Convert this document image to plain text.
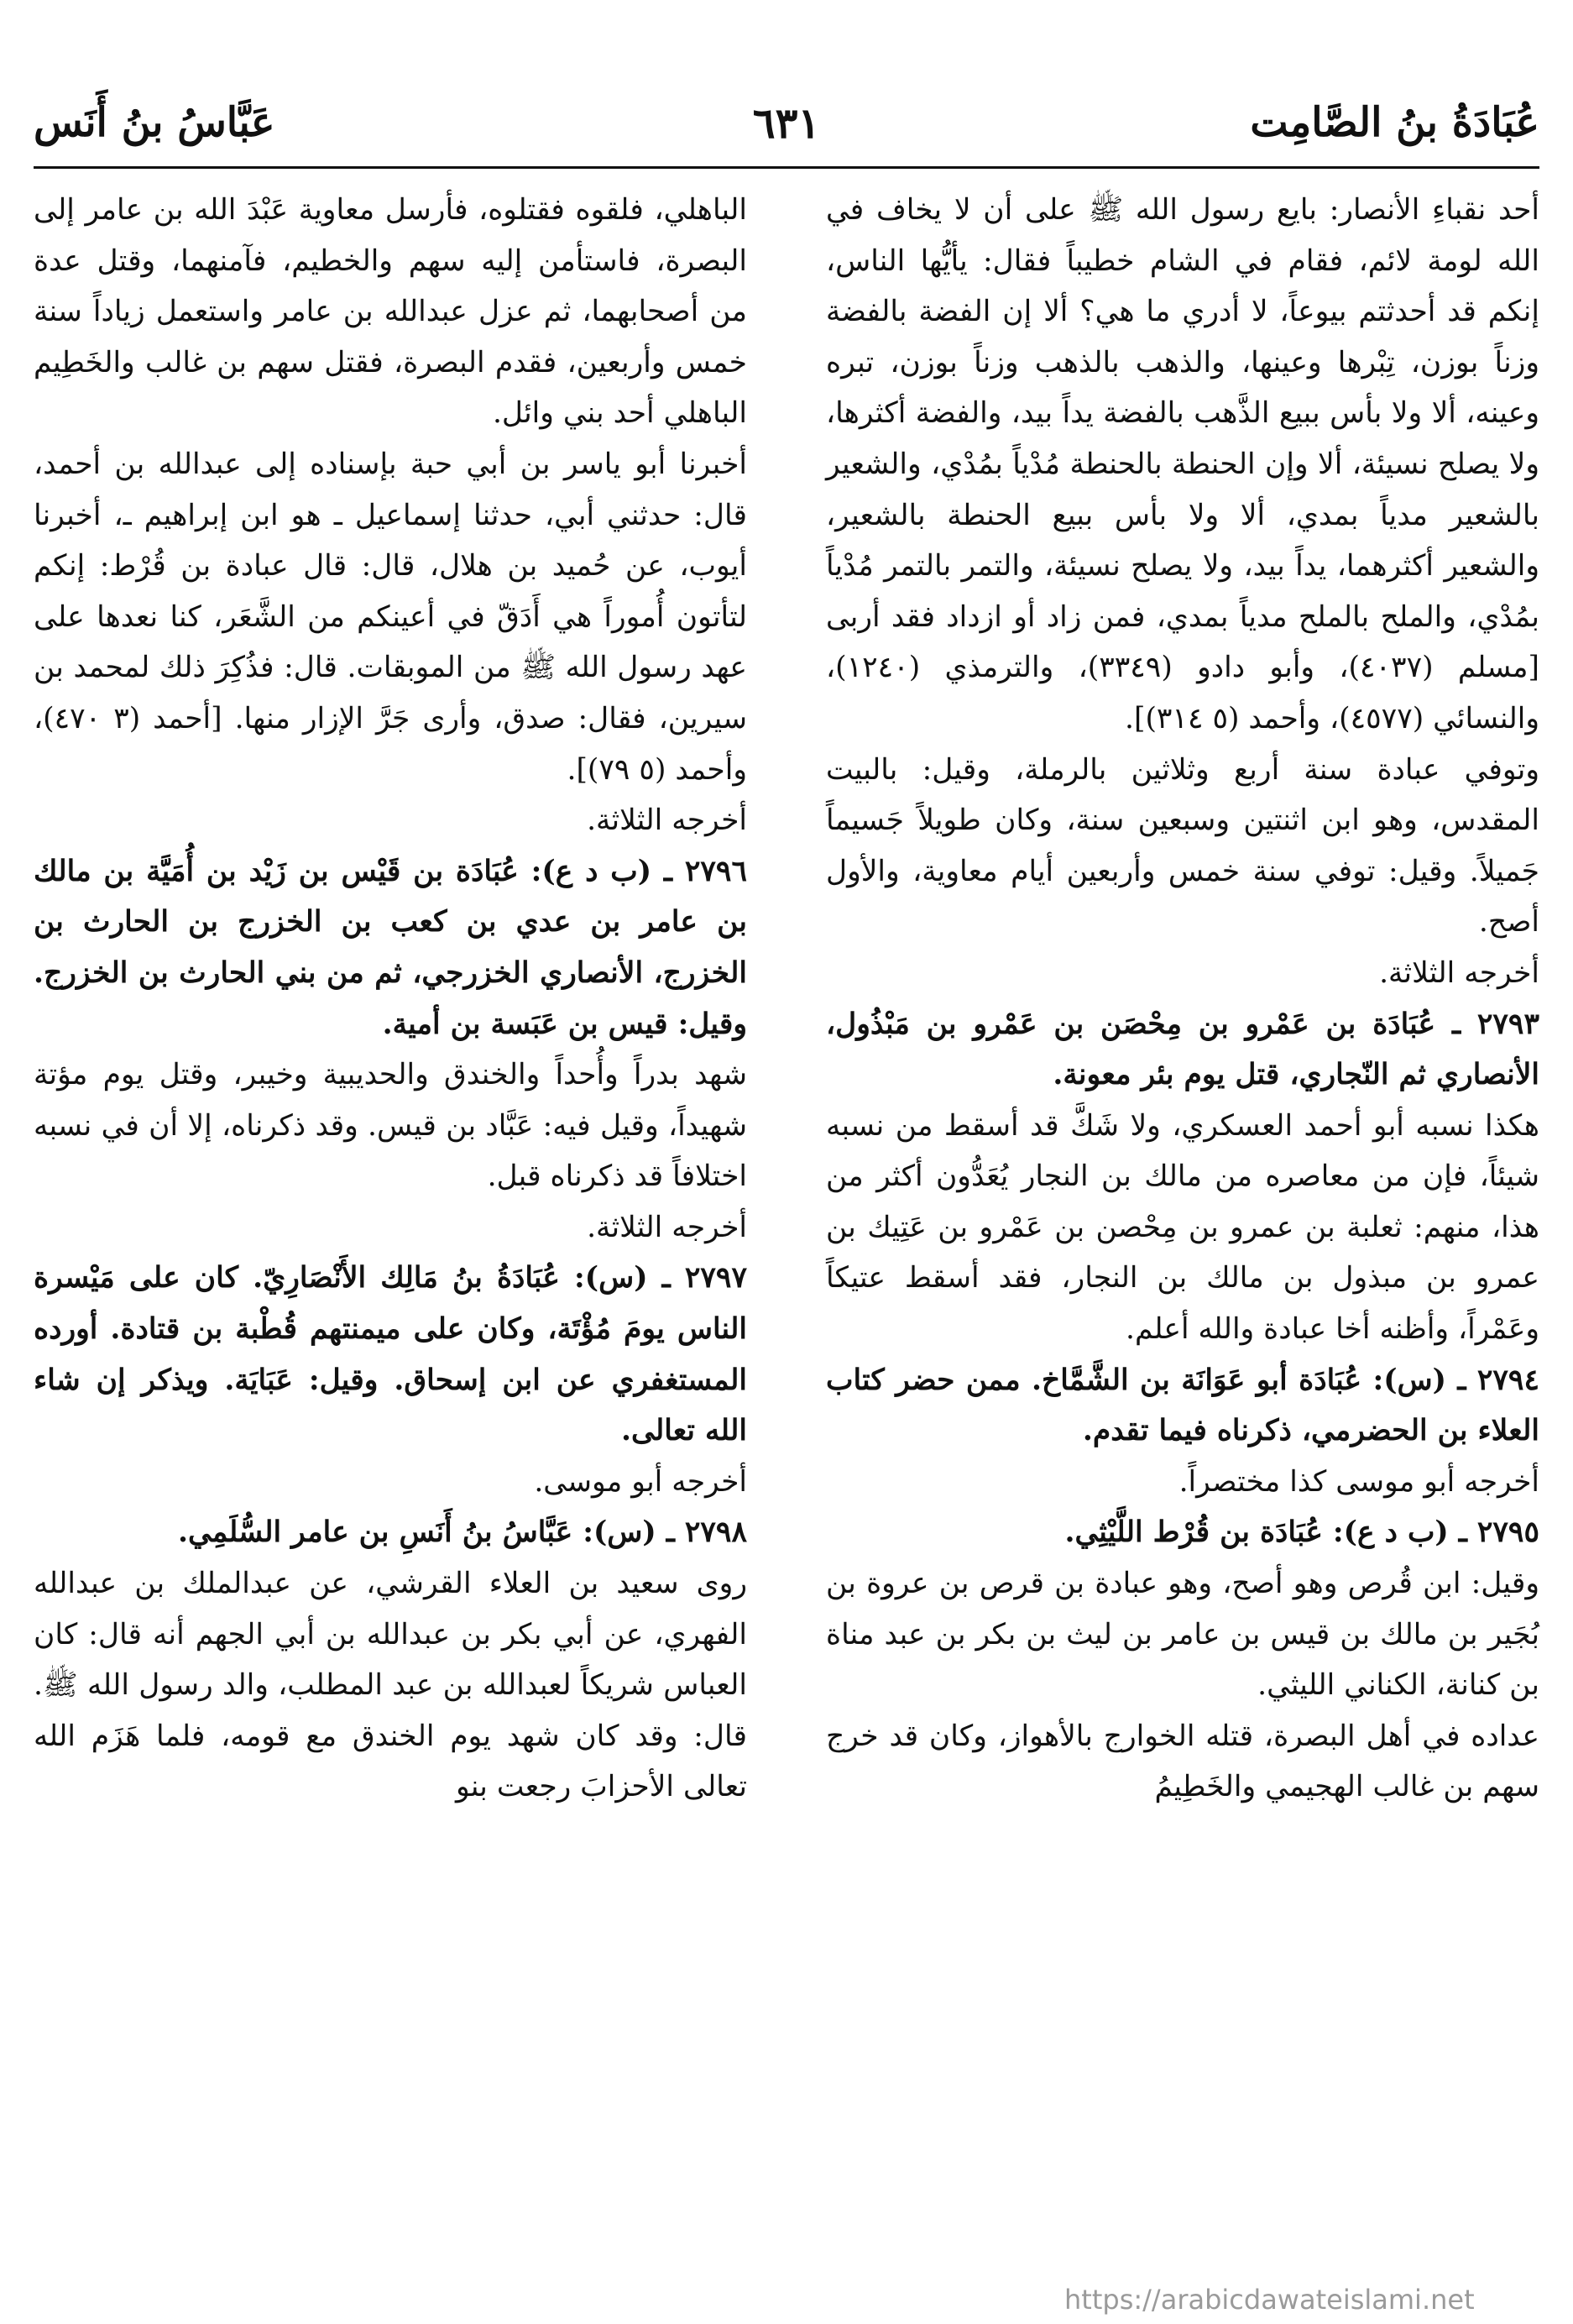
عُبَادَةُ بنُ الصَّامِت
٦٣١
عَبَّاسُ بنُ أَنَس

أحد نقباءِ الأنصار: بايع رسول الله ﷺ على أن لا يخاف في الله لومة لائم، فقام في الشام خطيباً فقال: يأيُّها الناس، إنكم قد أحدثتم بيوعاً، لا أدري ما هي؟ ألا إن الفضة بالفضة وزناً بوزن، تِبْرها وعينها، والذهب بالذهب وزناً بوزن، تبره وعينه، ألا ولا بأس ببيع الذَّهب بالفضة يداً بيد، والفضة أكثرها، ولا يصلح نسيئة، ألا وإن الحنطة بالحنطة مُدْياً بمُدْي، والشعير بالشعير مدياً بمدي، ألا ولا بأس ببيع الحنطة بالشعير، والشعير أكثرهما، يداً بيد، ولا يصلح نسيئة، والتمر بالتمر مُدْياً بمُدْي، والملح بالملح مدياً بمدي، فمن زاد أو ازداد فقد أربى [مسلم (٤٠٣٧)، وأبو دادو (٣٣٤٩)، والترمذي (١٢٤٠)، والنسائي (٤٥٧٧)، وأحمد (٥ ٣١٤)].

وتوفي عبادة سنة أربع وثلاثين بالرملة، وقيل: بالبيت المقدس، وهو ابن اثنتين وسبعين سنة، وكان طويلاً جَسيماً جَميلاً. وقيل: توفي سنة خمس وأربعين أيام معاوية، والأول أصح.

أخرجه الثلاثة.

٢٧٩٣ ـ عُبَادَة بن عَمْرو بن مِحْصَن بن عَمْرو بن مَبْذُول، الأنصاري ثم النّجاري، قتل يوم بئر معونة.

هكذا نسبه أبو أحمد العسكري، ولا شَكَّ قد أسقط من نسبه شيئاً، فإن من معاصره من مالك بن النجار يُعَدُّون أكثر من هذا، منهم: ثعلبة بن عمرو بن مِحْصن بن عَمْرو بن عَتِيك بن عمرو بن مبذول بن مالك بن النجار، فقد أسقط عتيكاً وعَمْراً، وأظنه أخا عبادة والله أعلم.

٢٧٩٤ ـ (س): عُبَادَة أبو عَوَانَة بن الشَّمَّاخ. ممن حضر كتاب العلاء بن الحضرمي، ذكرناه فيما تقدم.

أخرجه أبو موسى كذا مختصراً.

٢٧٩٥ ـ (ب د ع): عُبَادَة بن قُرْط اللَّيْثِي.

وقيل: ابن قُرص وهو أصح، وهو عبادة بن قرص بن عروة بن بُجَير بن مالك بن قيس بن عامر بن ليث بن بكر بن عبد مناة بن كنانة، الكناني الليثي.

عداده في أهل البصرة، قتله الخوارج بالأهواز، وكان قد خرج سهم بن غالب الهجيمي والخَطِيمُ

الباهلي، فلقوه فقتلوه، فأرسل معاوية عَبْدَ الله بن عامر إلى البصرة، فاستأمن إليه سهم والخطيم، فآمنهما، وقتل عدة من أصحابهما، ثم عزل عبدالله بن عامر واستعمل زياداً سنة خمس وأربعين، فقدم البصرة، فقتل سهم بن غالب والخَطِيم الباهلي أحد بني وائل.

أخبرنا أبو ياسر بن أبي حبة بإسناده إلى عبدالله بن أحمد، قال: حدثني أبي، حدثنا إسماعيل ـ هو ابن إبراهيم ـ، أخبرنا أيوب، عن حُميد بن هلال، قال: قال عبادة بن قُرْط: إنكم لتأتون أُموراً هي أَدَقّ في أعينكم من الشَّعَر، كنا نعدها على عهد رسول الله ﷺ من الموبقات. قال: فذُكِرَ ذلك لمحمد بن سيرين، فقال: صدق، وأرى جَرَّ الإزار منها. [أحمد (٣ ٤٧٠)، وأحمد (٥ ٧٩)].

أخرجه الثلاثة.

٢٧٩٦ ـ (ب د ع): عُبَادَة بن قَيْس بن زَيْد بن أُمَيَّة بن مالك بن عامر بن عدي بن كعب بن الخزرج بن الحارث بن الخزرج، الأنصاري الخزرجي، ثم من بني الحارث بن الخزرج. وقيل: قيس بن عَبَسة بن أمية.

شهد بدراً وأُحداً والخندق والحديبية وخيبر، وقتل يوم مؤتة شهيداً، وقيل فيه: عَبَّاد بن قيس. وقد ذكرناه، إلا أن في نسبه اختلافاً قد ذكرناه قبل.

أخرجه الثلاثة.

٢٧٩٧ ـ (س): عُبَادَةُ بنُ مَالِك الأَنْصَارِيّ. كان على مَيْسرة الناس يومَ مُؤْتَة، وكان على ميمنتهم قُطْبة بن قتادة. أورده المستغفري عن ابن إسحاق. وقيل: عَبَايَة. ويذكر إن شاء الله تعالى.

أخرجه أبو موسى.

٢٧٩٨ ـ (س): عَبَّاسُ بنُ أَنَسِ بن عامر السُّلَمِي.

روى سعيد بن العلاء القرشي، عن عبدالملك بن عبدالله الفهري، عن أبي بكر بن عبدالله بن أبي الجهم أنه قال: كان العباس شريكاً لعبدالله بن عبد المطلب، والد رسول الله ﷺ. قال: وقد كان شهد يوم الخندق مع قومه، فلما هَزَم الله تعالى الأحزابَ رجعت بنو

https://arabicdawateislami.net
